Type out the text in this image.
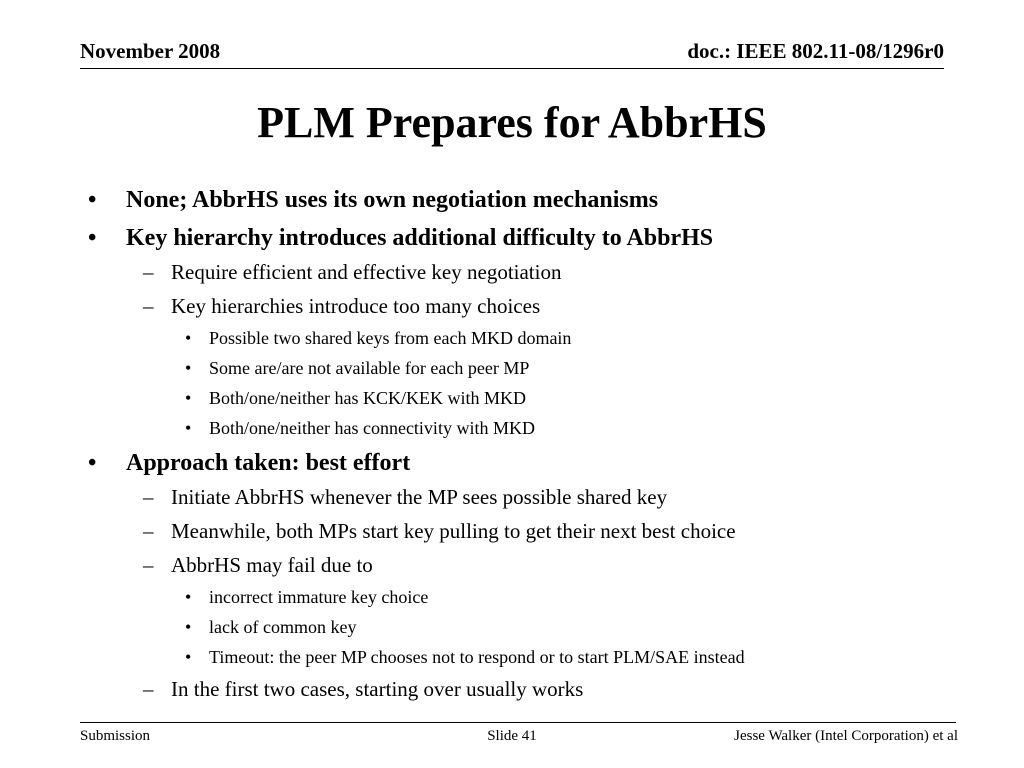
November 2008	doc.: IEEE 802.11-08/1296r0
PLM Prepares for AbbrHS
• None; AbbrHS uses its own negotiation mechanisms
• Key hierarchy introduces additional difficulty to AbbrHS
– Require efficient and effective key negotiation
– Key hierarchies introduce too many choices
• Possible two shared keys from each MKD domain
• Some are/are not available for each peer MP
• Both/one/neither has KCK/KEK with MKD
• Both/one/neither has connectivity with MKD
• Approach taken: best effort
– Initiate AbbrHS whenever the MP sees possible shared key
– Meanwhile, both MPs start key pulling to get their next best choice
– AbbrHS may fail due to
• incorrect immature key choice
• lack of common key
• Timeout: the peer MP chooses not to respond or to start PLM/SAE instead
– In the first two cases, starting over usually works
Submission	Slide 41	Jesse Walker (Intel Corporation) et al
